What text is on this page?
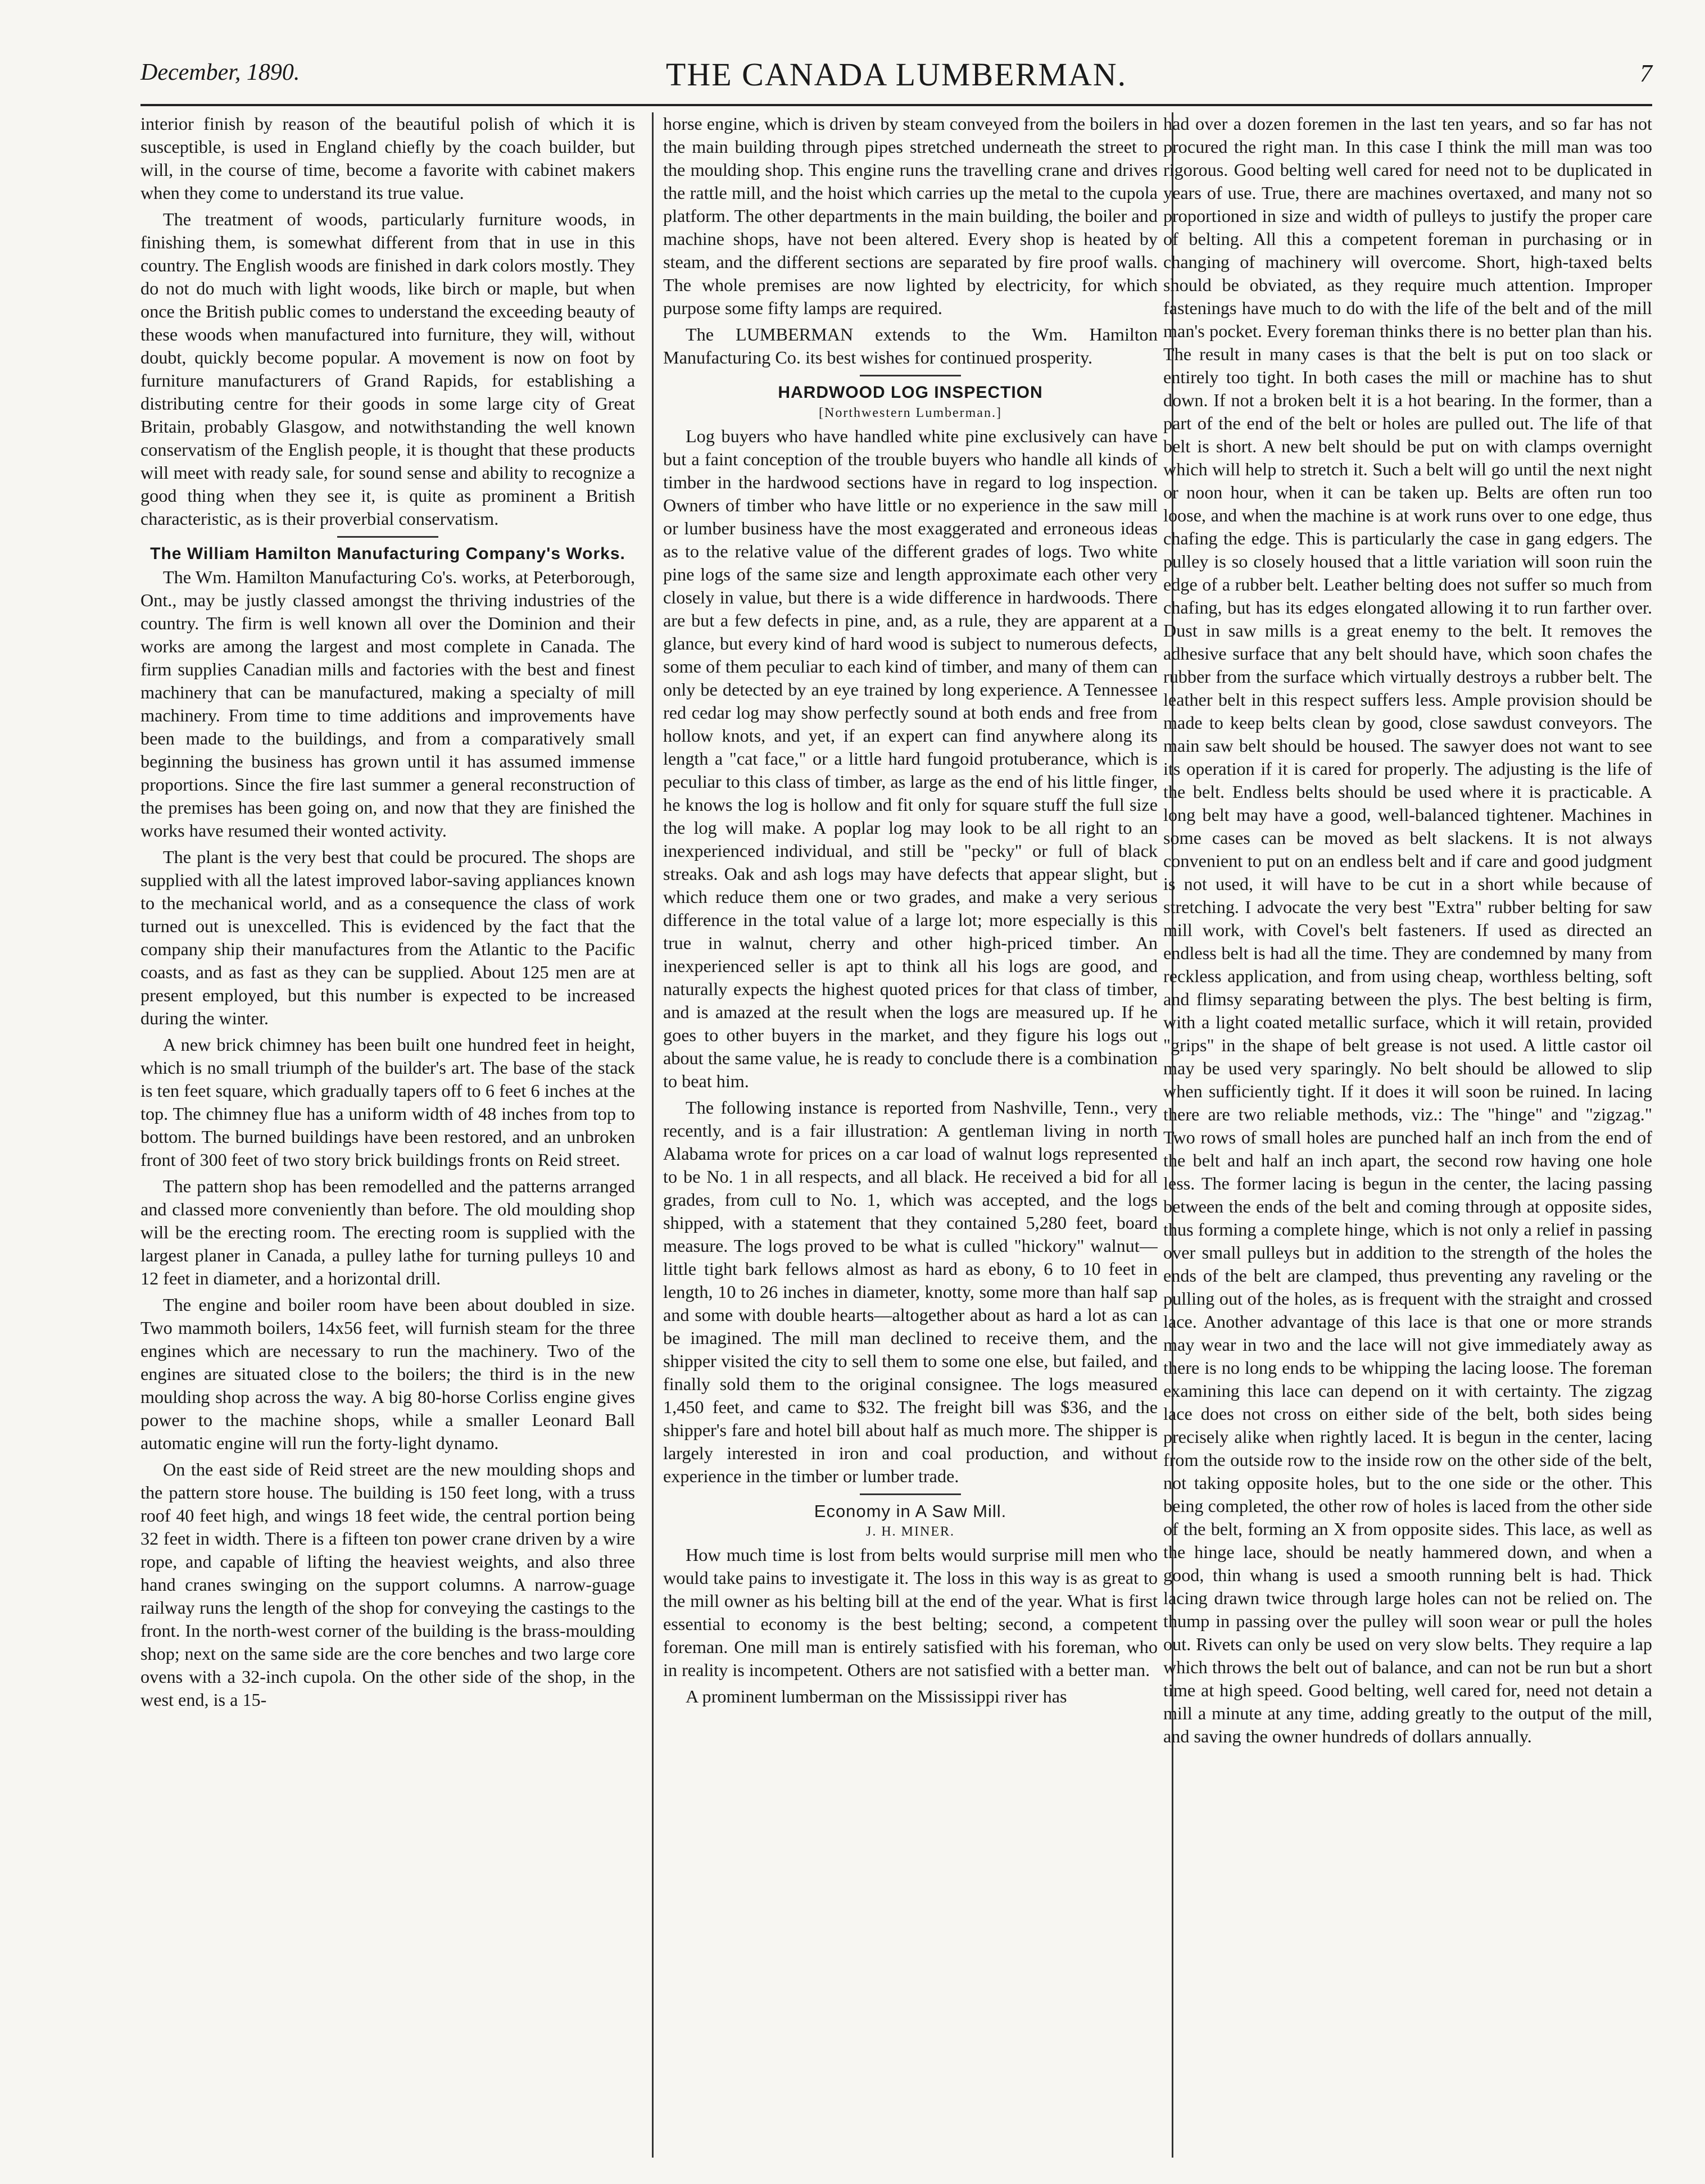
December, 1890.	THE CANADA LUMBERMAN.	7

interior finish by reason of the beautiful polish of which it is susceptible, is used in England chiefly by the coach builder, but will, in the course of time, become a favorite with cabinet makers when they come to understand its true value.

The treatment of woods, particularly furniture woods, in finishing them, is somewhat different from that in use in this country. The English woods are finished in dark colors mostly. They do not do much with light woods, like birch or maple, but when once the British public comes to understand the exceeding beauty of these woods when manufactured into furniture, they will, without doubt, quickly become popular. A movement is now on foot by furniture manufacturers of Grand Rapids, for establishing a distributing centre for their goods in some large city of Great Britain, probably Glasgow, and notwithstanding the well known conservatism of the English people, it is thought that these products will meet with ready sale, for sound sense and ability to recognize a good thing when they see it, is quite as prominent a British characteristic, as is their proverbial conservatism.

The William Hamilton Manufacturing Company's Works.

The Wm. Hamilton Manufacturing Co's. works, at Peterborough, Ont., may be justly classed amongst the thriving industries of the country. The firm is well known all over the Dominion and their works are among the largest and most complete in Canada. The firm supplies Canadian mills and factories with the best and finest machinery that can be manufactured, making a specialty of mill machinery. From time to time additions and improvements have been made to the buildings, and from a comparatively small beginning the business has grown until it has assumed immense proportions. Since the fire last summer a general reconstruction of the premises has been going on, and now that they are finished the works have resumed their wonted activity.

The plant is the very best that could be procured. The shops are supplied with all the latest improved labor-saving appliances known to the mechanical world, and as a consequence the class of work turned out is unexcelled. This is evidenced by the fact that the company ship their manufactures from the Atlantic to the Pacific coasts, and as fast as they can be supplied. About 125 men are at present employed, but this number is expected to be increased during the winter.

A new brick chimney has been built one hundred feet in height, which is no small triumph of the builder's art. The base of the stack is ten feet square, which gradually tapers off to 6 feet 6 inches at the top. The chimney flue has a uniform width of 48 inches from top to bottom. The burned buildings have been restored, and an unbroken front of 300 feet of two story brick buildings fronts on Reid street.

The pattern shop has been remodelled and the patterns arranged and classed more conveniently than before. The old moulding shop will be the erecting room. The erecting room is supplied with the largest planer in Canada, a pulley lathe for turning pulleys 10 and 12 feet in diameter, and a horizontal drill.

The engine and boiler room have been about doubled in size. Two mammoth boilers, 14x56 feet, will furnish steam for the three engines which are necessary to run the machinery. Two of the engines are situated close to the boilers; the third is in the new moulding shop across the way. A big 80-horse Corliss engine gives power to the machine shops, while a smaller Leonard Ball automatic engine will run the forty-light dynamo.

On the east side of Reid street are the new moulding shops and the pattern store house. The building is 150 feet long, with a truss roof 40 feet high, and wings 18 feet wide, the central portion being 32 feet in width. There is a fifteen ton power crane driven by a wire rope, and capable of lifting the heaviest weights, and also three hand cranes swinging on the support columns. A narrow-guage railway runs the length of the shop for conveying the castings to the front. In the north-west corner of the building is the brass-moulding shop; next on the same side are the core benches and two large core ovens with a 32-inch cupola. On the other side of the shop, in the west end, is a 15-

horse engine, which is driven by steam conveyed from the boilers in the main building through pipes stretched underneath the street to the moulding shop. This engine runs the travelling crane and drives the rattle mill, and the hoist which carries up the metal to the cupola platform. The other departments in the main building, the boiler and machine shops, have not been altered. Every shop is heated by steam, and the different sections are separated by fire proof walls. The whole premises are now lighted by electricity, for which purpose some fifty lamps are required.

The LUMBERMAN extends to the Wm. Hamilton Manufacturing Co. its best wishes for continued prosperity.

HARDWOOD LOG INSPECTION
[Northwestern Lumberman.]

Log buyers who have handled white pine exclusively can have but a faint conception of the trouble buyers who handle all kinds of timber in the hardwood sections have in regard to log inspection. Owners of timber who have little or no experience in the saw mill or lumber business have the most exaggerated and erroneous ideas as to the relative value of the different grades of logs. Two white pine logs of the same size and length approximate each other very closely in value, but there is a wide difference in hardwoods. There are but a few defects in pine, and, as a rule, they are apparent at a glance, but every kind of hard wood is subject to numerous defects, some of them peculiar to each kind of timber, and many of them can only be detected by an eye trained by long experience. A Tennessee red cedar log may show perfectly sound at both ends and free from hollow knots, and yet, if an expert can find anywhere along its length a "cat face," or a little hard fungoid protuberance, which is peculiar to this class of timber, as large as the end of his little finger, he knows the log is hollow and fit only for square stuff the full size the log will make. A poplar log may look to be all right to an inexperienced individual, and still be "pecky" or full of black streaks. Oak and ash logs may have defects that appear slight, but which reduce them one or two grades, and make a very serious difference in the total value of a large lot; more especially is this true in walnut, cherry and other high-priced timber. An inexperienced seller is apt to think all his logs are good, and naturally expects the highest quoted prices for that class of timber, and is amazed at the result when the logs are measured up. If he goes to other buyers in the market, and they figure his logs out about the same value, he is ready to conclude there is a combination to beat him.

The following instance is reported from Nashville, Tenn., very recently, and is a fair illustration: A gentleman living in north Alabama wrote for prices on a car load of walnut logs represented to be No. 1 in all respects, and all black. He received a bid for all grades, from cull to No. 1, which was accepted, and the logs shipped, with a statement that they contained 5,280 feet, board measure. The logs proved to be what is culled "hickory" walnut—little tight bark fellows almost as hard as ebony, 6 to 10 feet in length, 10 to 26 inches in diameter, knotty, some more than half sap and some with double hearts—altogether about as hard a lot as can be imagined. The mill man declined to receive them, and the shipper visited the city to sell them to some one else, but failed, and finally sold them to the original consignee. The logs measured 1,450 feet, and came to $32. The freight bill was $36, and the shipper's fare and hotel bill about half as much more. The shipper is largely interested in iron and coal production, and without experience in the timber or lumber trade.

Economy in A Saw Mill.
J. H. MINER.

How much time is lost from belts would surprise mill men who would take pains to investigate it. The loss in this way is as great to the mill owner as his belting bill at the end of the year. What is first essential to economy is the best belting; second, a competent foreman. One mill man is entirely satisfied with his foreman, who in reality is incompetent. Others are not satisfied with a better man.

A prominent lumberman on the Mississippi river has

had over a dozen foremen in the last ten years, and so far has not procured the right man. In this case I think the mill man was too rigorous. Good belting well cared for need not to be duplicated in years of use. True, there are machines overtaxed, and many not so proportioned in size and width of pulleys to justify the proper care of belting. All this a competent foreman in purchasing or in changing of machinery will overcome. Short, high-taxed belts should be obviated, as they require much attention. Improper fastenings have much to do with the life of the belt and of the mill man's pocket. Every foreman thinks there is no better plan than his. The result in many cases is that the belt is put on too slack or entirely too tight. In both cases the mill or machine has to shut down. If not a broken belt it is a hot bearing. In the former, than a part of the end of the belt or holes are pulled out. The life of that belt is short. A new belt should be put on with clamps overnight which will help to stretch it. Such a belt will go until the next night or noon hour, when it can be taken up. Belts are often run too loose, and when the machine is at work runs over to one edge, thus chafing the edge. This is particularly the case in gang edgers. The pulley is so closely housed that a little variation will soon ruin the edge of a rubber belt. Leather belting does not suffer so much from chafing, but has its edges elongated allowing it to run farther over. Dust in saw mills is a great enemy to the belt. It removes the adhesive surface that any belt should have, which soon chafes the rubber from the surface which virtually destroys a rubber belt. The leather belt in this respect suffers less. Ample provision should be made to keep belts clean by good, close sawdust conveyors. The main saw belt should be housed. The sawyer does not want to see its operation if it is cared for properly. The adjusting is the life of the belt. Endless belts should be used where it is practicable. A long belt may have a good, well-balanced tightener. Machines in some cases can be moved as belt slackens. It is not always convenient to put on an endless belt and if care and good judgment is not used, it will have to be cut in a short while because of stretching. I advocate the very best "Extra" rubber belting for saw mill work, with Covel's belt fasteners. If used as directed an endless belt is had all the time. They are condemned by many from reckless application, and from using cheap, worthless belting, soft and flimsy separating between the plys. The best belting is firm, with a light coated metallic surface, which it will retain, provided "grips" in the shape of belt grease is not used. A little castor oil may be used very sparingly. No belt should be allowed to slip when sufficiently tight. If it does it will soon be ruined. In lacing there are two reliable methods, viz.: The "hinge" and "zigzag." Two rows of small holes are punched half an inch from the end of the belt and half an inch apart, the second row having one hole less. The former lacing is begun in the center, the lacing passing between the ends of the belt and coming through at opposite sides, thus forming a complete hinge, which is not only a relief in passing over small pulleys but in addition to the strength of the holes the ends of the belt are clamped, thus preventing any raveling or the pulling out of the holes, as is frequent with the straight and crossed lace. Another advantage of this lace is that one or more strands may wear in two and the lace will not give immediately away as there is no long ends to be whipping the lacing loose. The foreman examining this lace can depend on it with certainty. The zigzag lace does not cross on either side of the belt, both sides being precisely alike when rightly laced. It is begun in the center, lacing from the outside row to the inside row on the other side of the belt, not taking opposite holes, but to the one side or the other. This being completed, the other row of holes is laced from the other side of the belt, forming an X from opposite sides. This lace, as well as the hinge lace, should be neatly hammered down, and when a good, thin whang is used a smooth running belt is had. Thick lacing drawn twice through large holes can not be relied on. The thump in passing over the pulley will soon wear or pull the holes out. Rivets can only be used on very slow belts. They require a lap which throws the belt out of balance, and can not be run but a short time at high speed. Good belting, well cared for, need not detain a mill a minute at any time, adding greatly to the output of the mill, and saving the owner hundreds of dollars annually.
